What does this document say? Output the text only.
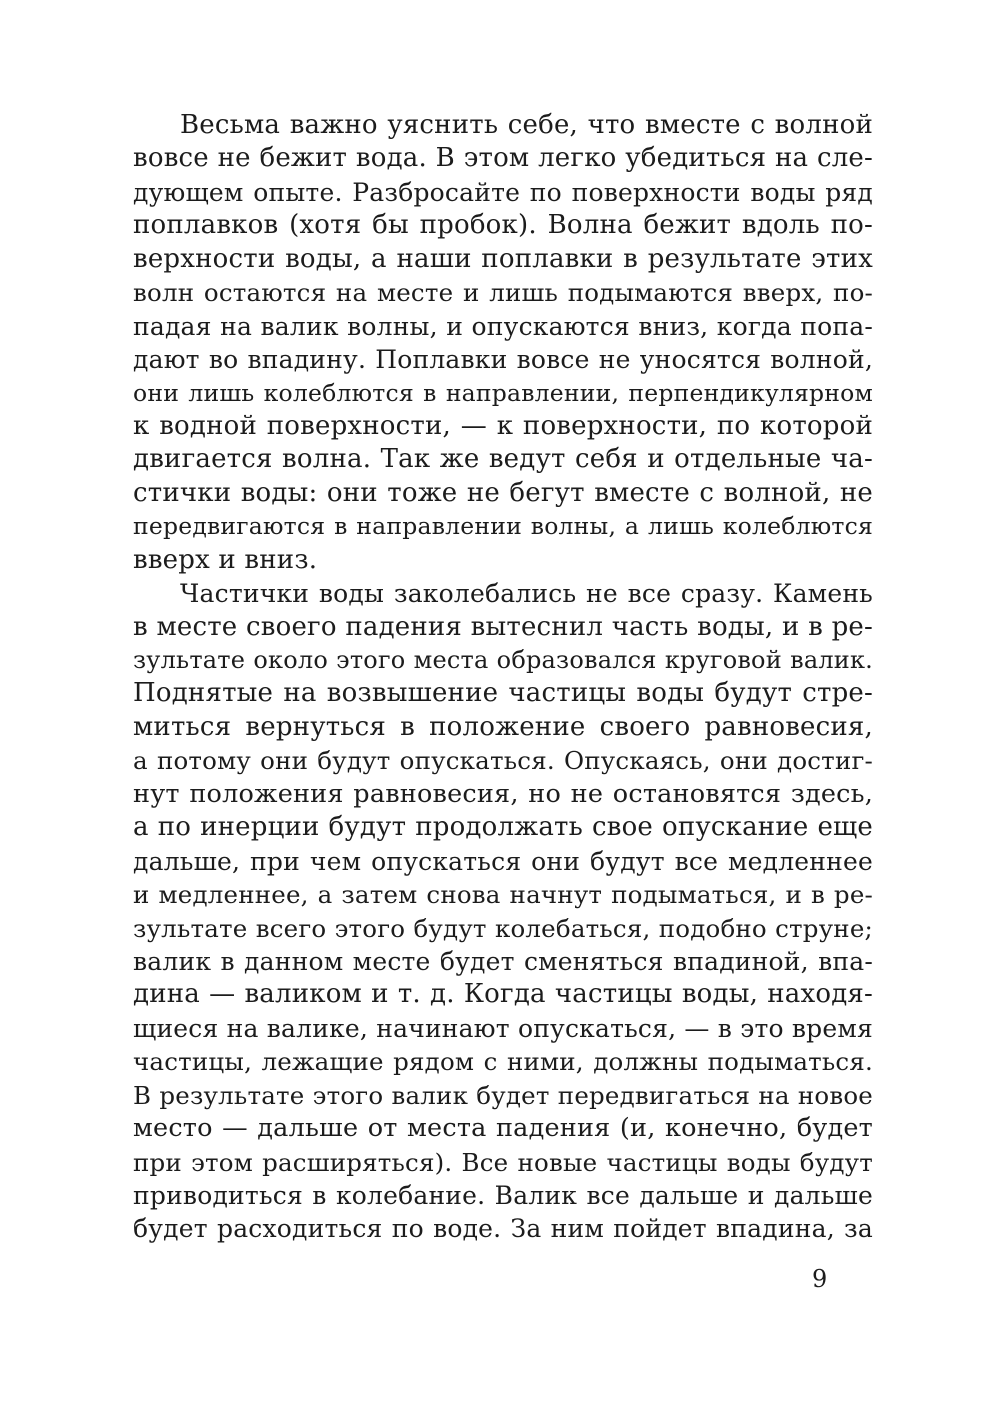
Весьма важно уяснить себе, что вместе с волной
вовсе не бежит вода. В этом легко убедиться на сле-
дующем опыте. Разбросайте по поверхности воды ряд
поплавков (хотя бы пробок). Волна бежит вдоль по-
верхности воды, а наши поплавки в результате этих
волн остаются на месте и лишь подымаются вверх, по-
падая на валик волны, и опускаются вниз, когда попа-
дают во впадину. Поплавки вовсе не уносятся волной,
они лишь колеблются в направлении, перпендикулярном
к водной поверхности, — к поверхности, по которой
двигается волна. Так же ведут себя и отдельные ча-
стички воды: они тоже не бегут вместе с волной, не
передвигаются в направлении волны, а лишь колеблются
вверх и вниз.
Частички воды заколебались не все сразу. Камень
в месте своего падения вытеснил часть воды, и в ре-
зультате около этого места образовался круговой валик.
Поднятые на возвышение частицы воды будут стре-
миться вернуться в положение своего равновесия,
а потому они будут опускаться. Опускаясь, они достиг-
нут положения равновесия, но не остановятся здесь,
а по инерции будут продолжать свое опускание еще
дальше, при чем опускаться они будут все медленнее
и медленнее, а затем снова начнут подыматься, и в ре-
зультате всего этого будут колебаться, подобно струне;
валик в данном месте будет сменяться впадиной, впа-
дина — валиком и т. д. Когда частицы воды, находя-
щиеся на валике, начинают опускаться, — в это время
частицы, лежащие рядом с ними, должны подыматься.
В результате этого валик будет передвигаться на новое
место — дальше от места падения (и, конечно, будет
при этом расширяться). Все новые частицы воды будут
приводиться в колебание. Валик все дальше и дальше
будет расходиться по воде. За ним пойдет впадина, за
9
